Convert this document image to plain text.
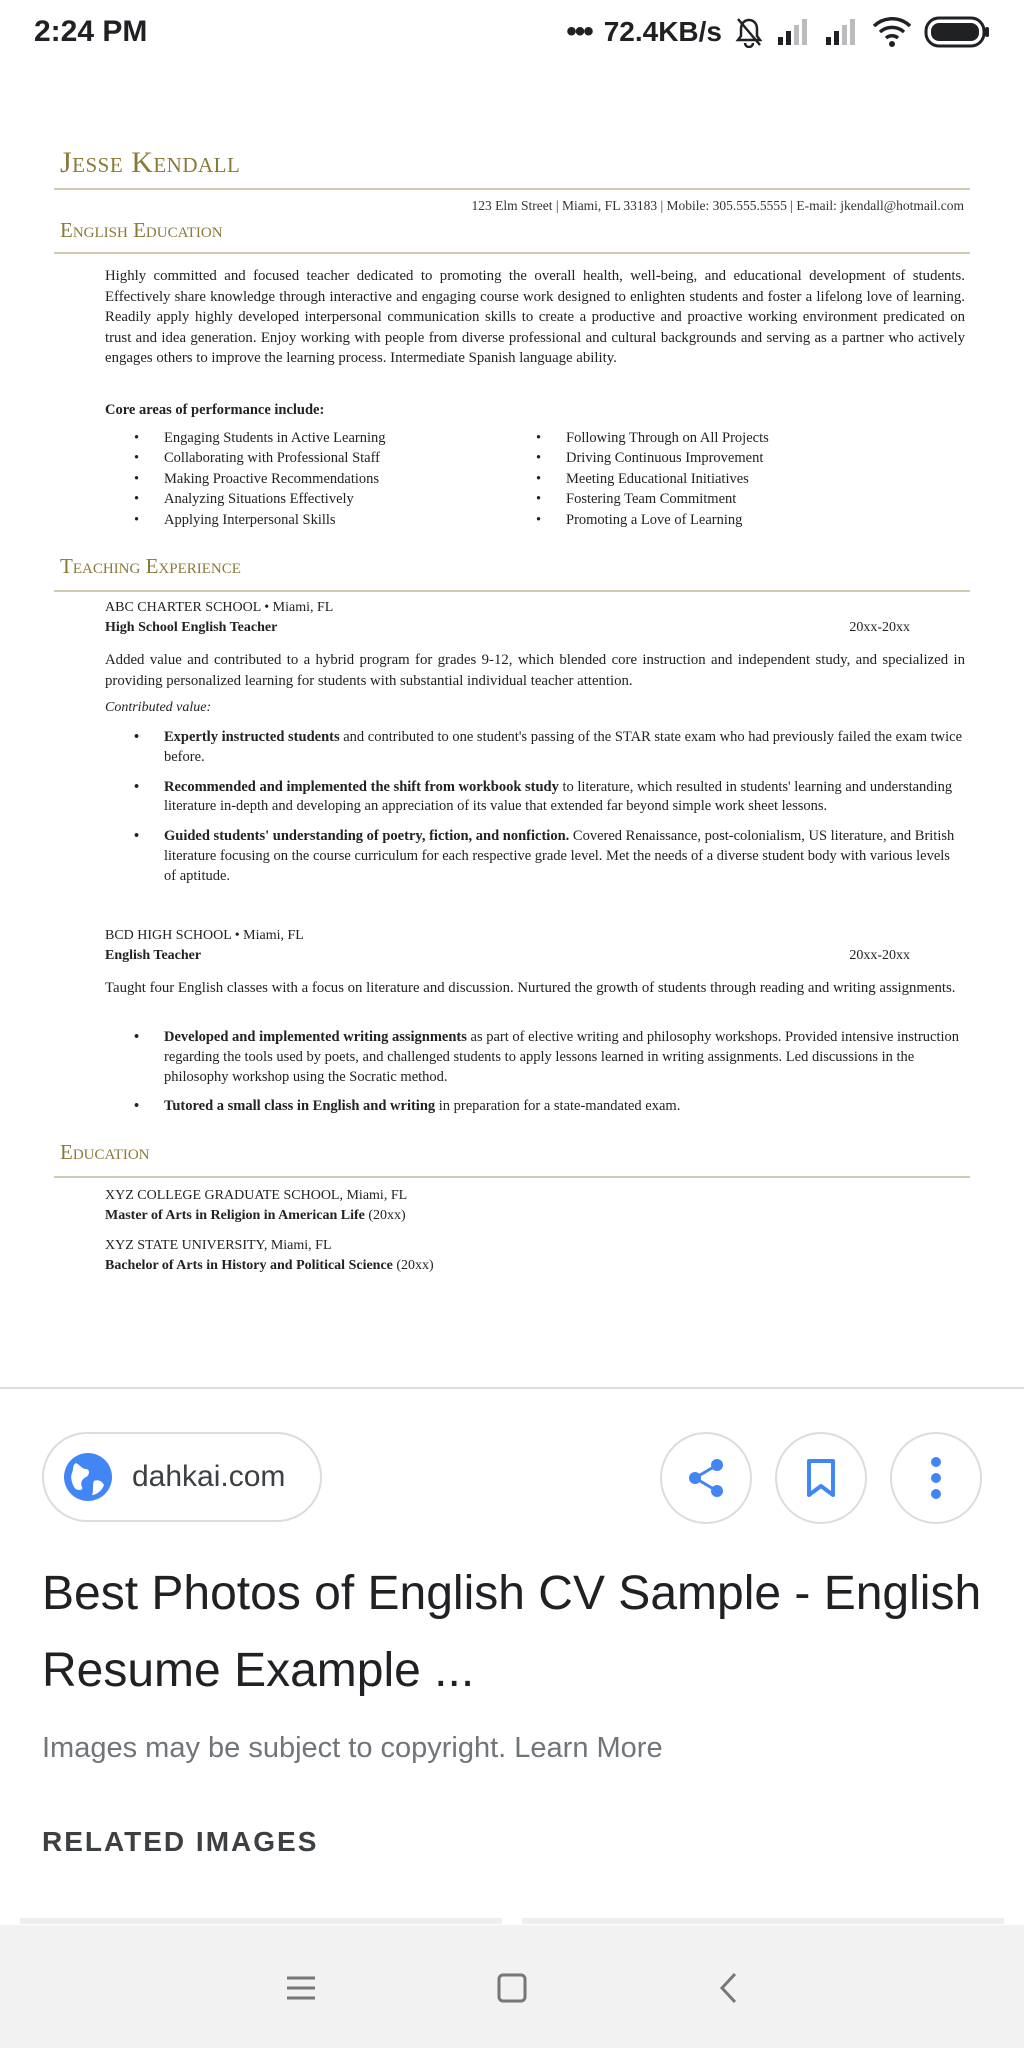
2:24 PM	••• 72.4KB/s
Jesse Kendall
123 Elm Street | Miami, FL 33183 | Mobile: 305.555.5555 | E-mail: jkendall@hotmail.com
English Education
Highly committed and focused teacher dedicated to promoting the overall health, well-being, and educational development of students. Effectively share knowledge through interactive and engaging course work designed to enlighten students and foster a lifelong love of learning. Readily apply highly developed interpersonal communication skills to create a productive and proactive working environment predicated on trust and idea generation. Enjoy working with people from diverse professional and cultural backgrounds and serving as a partner who actively engages others to improve the learning process. Intermediate Spanish language ability.
Core areas of performance include:
• Engaging Students in Active Learning
• Collaborating with Professional Staff
• Making Proactive Recommendations
• Analyzing Situations Effectively
• Applying Interpersonal Skills
• Following Through on All Projects
• Driving Continuous Improvement
• Meeting Educational Initiatives
• Fostering Team Commitment
• Promoting a Love of Learning
Teaching Experience
ABC CHARTER SCHOOL • Miami, FL
High School English Teacher	20xx-20xx
Added value and contributed to a hybrid program for grades 9-12, which blended core instruction and independent study, and specialized in providing personalized learning for students with substantial individual teacher attention.
Contributed value:
• Expertly instructed students and contributed to one student's passing of the STAR state exam who had previously failed the exam twice before.
• Recommended and implemented the shift from workbook study to literature, which resulted in students' learning and understanding literature in-depth and developing an appreciation of its value that extended far beyond simple work sheet lessons.
• Guided students' understanding of poetry, fiction, and nonfiction. Covered Renaissance, post-colonialism, US literature, and British literature focusing on the course curriculum for each respective grade level. Met the needs of a diverse student body with various levels of aptitude.
BCD HIGH SCHOOL • Miami, FL
English Teacher	20xx-20xx
Taught four English classes with a focus on literature and discussion. Nurtured the growth of students through reading and writing assignments.
• Developed and implemented writing assignments as part of elective writing and philosophy workshops. Provided intensive instruction regarding the tools used by poets, and challenged students to apply lessons learned in writing assignments. Led discussions in the philosophy workshop using the Socratic method.
• Tutored a small class in English and writing in preparation for a state-mandated exam.
Education
XYZ COLLEGE GRADUATE SCHOOL, Miami, FL
Master of Arts in Religion in American Life (20xx)
XYZ STATE UNIVERSITY, Miami, FL
Bachelor of Arts in History and Political Science (20xx)
dahkai.com
Best Photos of English CV Sample - English Resume Example ...
Images may be subject to copyright. Learn More
RELATED IMAGES
